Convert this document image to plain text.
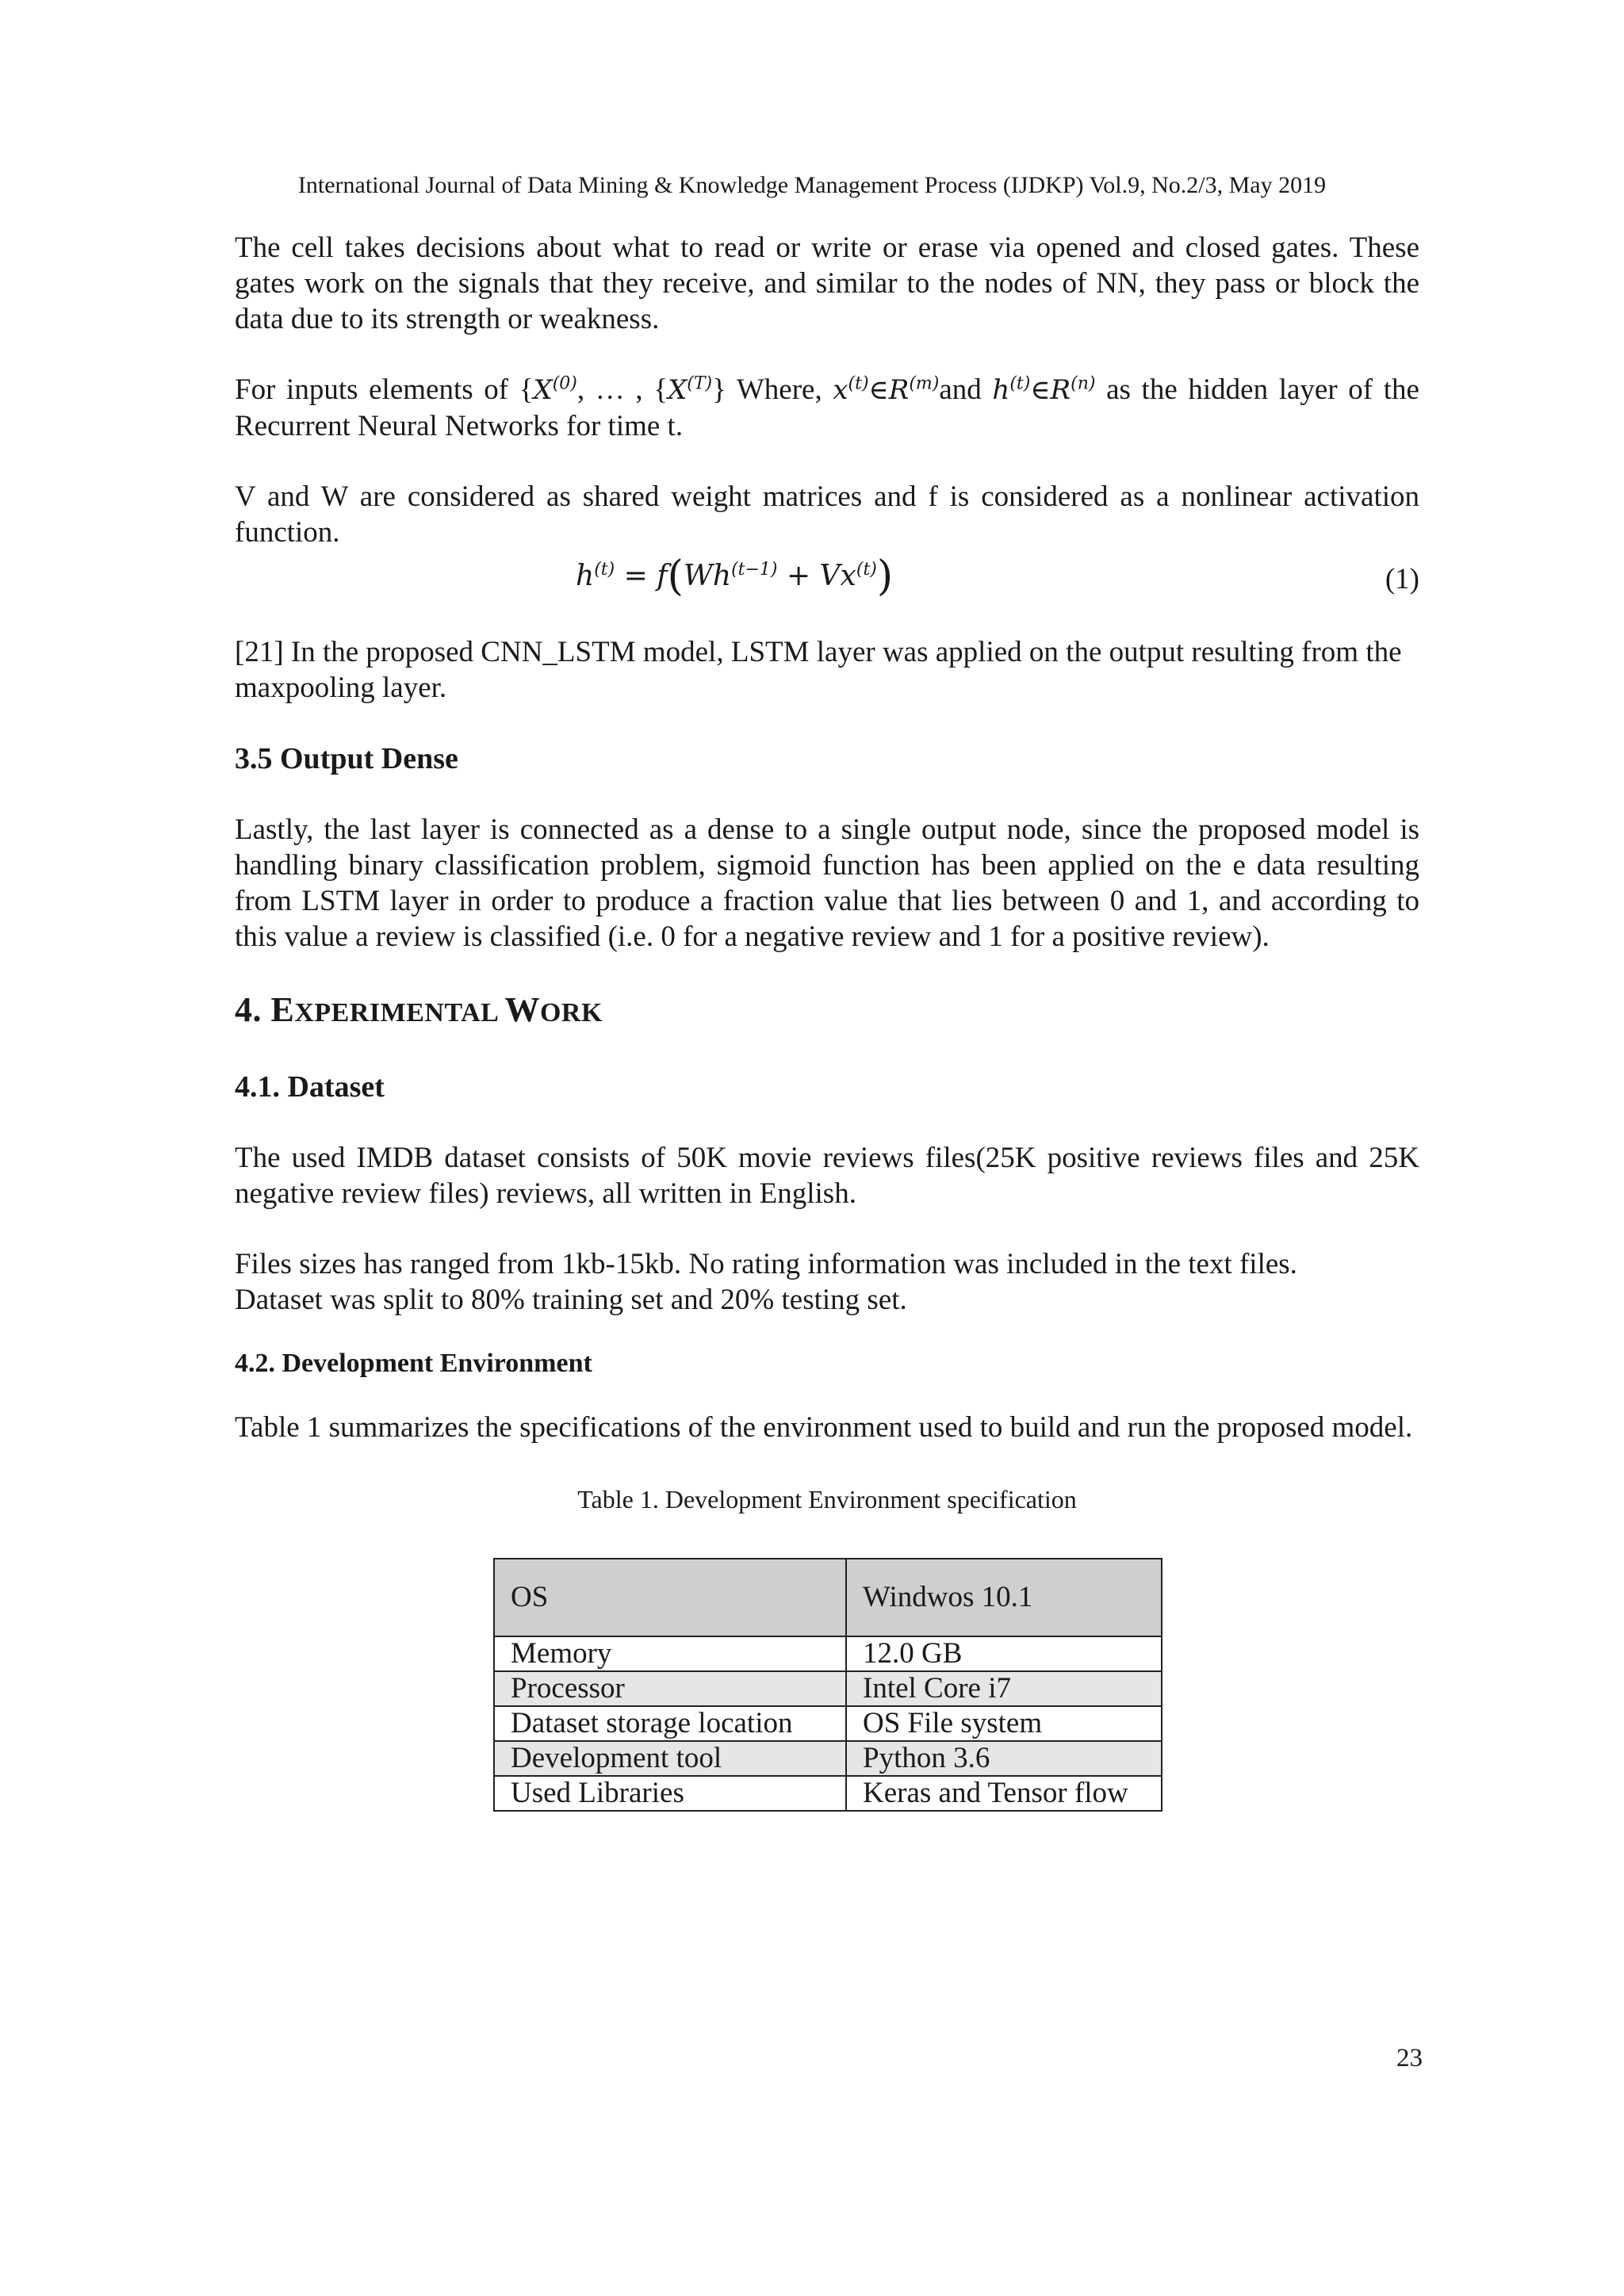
International Journal of Data Mining & Knowledge Management Process (IJDKP) Vol.9, No.2/3, May 2019

The cell takes decisions about what to read or write or erase via opened and closed gates. These gates work on the signals that they receive, and similar to the nodes of NN, they pass or block the data due to its strength or weakness.

For inputs elements of {$X^{(0)}$, … , $\{X^{(T)}\}$ Where, $x^{(t)}\in R^{(m)}and$ $h^{(t)}\in R^{(n)}$ as the hidden layer of the Recurrent Neural Networks for time t.

V and W are considered as shared weight matrices and f is considered as a nonlinear activation function.

$h^{(t)} = f(Wh^{(t-1)} + Vx^{(t)})$	(1)

[21] In the proposed CNN_LSTM model, LSTM layer was applied on the output resulting from the maxpooling layer.

3.5 Output Dense

Lastly, the last layer is connected as a dense to a single output node, since the proposed model is handling binary classification problem, sigmoid function has been applied on the e data resulting from LSTM layer in order to produce a fraction value that lies between 0 and 1, and according to this value a review is classified (i.e. 0 for a negative review and 1 for a positive review).

4. EXPERIMENTAL WORK
4.1. Dataset

The used IMDB dataset consists of 50K movie reviews files(25K positive reviews files and 25K negative review files) reviews, all written in English.

Files sizes has ranged from 1kb-15kb. No rating information was included in the text files.

Dataset was split to 80% training set and 20% testing set.

4.2. Development Environment

Table 1 summarizes the specifications of the environment used to build and run the proposed model.

Table 1. Development Environment specification
OS	Windwos 10.1
Memory	12.0 GB
Processor	Intel Core i7
Dataset storage location	OS File system
Development tool	Python 3.6
Used Libraries	Keras and Tensor flow
23
